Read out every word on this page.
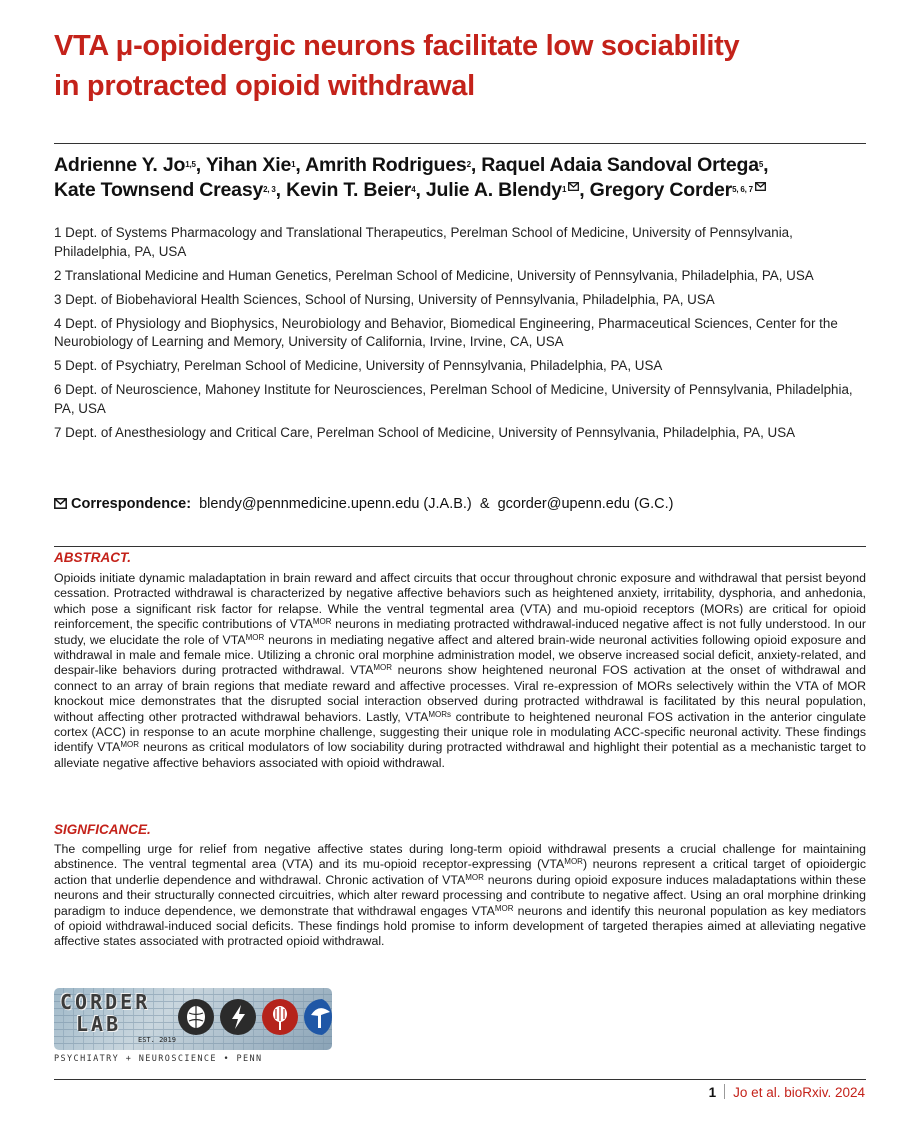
VTA μ-opioidergic neurons facilitate low sociability
in protracted opioid withdrawal
Adrienne Y. Jo$^{1,5}$, Yihan Xie$^1$, Amrith Rodrigues$^2$, Raquel Adaia Sandoval Ortega$^5$,
Kate Townsend Creasy$^{2, 3}$, Kevin T. Beier$^4$, Julie A. Blendy$^1$ , Gregory Corder$^{5, 6, 7}$
1 Dept. of Systems Pharmacology and Translational Therapeutics, Perelman School of Medicine, University of Pennsylvania, Philadelphia, PA, USA
2 Translational Medicine and Human Genetics, Perelman School of Medicine, University of Pennsylvania, Philadelphia, PA, USA
3 Dept. of Biobehavioral Health Sciences, School of Nursing, University of Pennsylvania, Philadelphia, PA, USA
4 Dept. of Physiology and Biophysics, Neurobiology and Behavior, Biomedical Engineering, Pharmaceutical Sciences, Center for the Neurobiology of Learning and Memory, University of California, Irvine, Irvine, CA, USA
5 Dept. of Psychiatry, Perelman School of Medicine, University of Pennsylvania, Philadelphia, PA, USA
6 Dept. of Neuroscience, Mahoney Institute for Neurosciences, Perelman School of Medicine, University of Pennsylvania, Philadelphia, PA, USA
7 Dept. of Anesthesiology and Critical Care, Perelman School of Medicine, University of Pennsylvania, Philadelphia, PA, USA
Correspondence: blendy@pennmedicine.upenn.edu (J.A.B.) & gcorder@upenn.edu (G.C.)
ABSTRACT.
Opioids initiate dynamic maladaptation in brain reward and affect circuits that occur throughout chronic exposure and withdrawal that persist beyond cessation. Protracted withdrawal is characterized by negative affective behaviors such as heightened anxiety, irritability, dysphoria, and anhedonia, which pose a significant risk factor for relapse. While the ventral tegmental area (VTA) and mu-opioid receptors (MORs) are critical for opioid reinforcement, the specific contributions of $VTA^{MOR}$ neurons in mediating protracted withdrawal-induced negative affect is not fully understood. In our study, we elucidate the role of $VTA^{MOR}$ neurons in mediating negative affect and altered brain-wide neuronal activities following opioid exposure and withdrawal in male and female mice. Utilizing a chronic oral morphine administration model, we observe increased social deficit, anxiety-related, and despair-like behaviors during protracted withdrawal. $VTA^{MOR}$ neurons show heightened neuronal FOS activation at the onset of withdrawal and connect to an array of brain regions that mediate reward and affective processes. Viral re-expression of MORs selectively within the VTA of MOR knockout mice demonstrates that the disrupted social interaction observed during protracted withdrawal is facilitated by this neural population, without affecting other protracted withdrawal behaviors. Lastly, $VTA^{MORs}$ contribute to heightened neuronal FOS activation in the anterior cingulate cortex (ACC) in response to an acute morphine challenge, suggesting their unique role in modulating ACC-specific neuronal activity. These findings identify $VTA^{MOR}$ neurons as critical modulators of low sociability during protracted withdrawal and highlight their potential as a mechanistic target to alleviate negative affective behaviors associated with opioid withdrawal.
SIGNFICANCE.
The compelling urge for relief from negative affective states during long-term opioid withdrawal presents a crucial challenge for maintaining abstinence. The ventral tegmental area (VTA) and its mu-opioid receptor-expressing $(VTA^{MOR})$ neurons represent a critical target of opioidergic action that underlie dependence and withdrawal. Chronic activation of $VTA^{MOR}$ neurons during opioid exposure induces maladaptations within these neurons and their structurally connected circuitries, which alter reward processing and contribute to negative affect. Using an oral morphine drinking paradigm to induce dependence, we demonstrate that withdrawal engages $VTA^{MOR}$ neurons and identify this neuronal population as key mediators of opioid withdrawal-induced social deficits. These findings hold promise to inform development of targeted therapies aimed at alleviating negative affective states associated with protracted opioid withdrawal.
CORDER
LAB
EST. 2019
PSYCHIATRY + NEUROSCIENCE • PENN
1 Jo et al. bioRxiv. 2024
